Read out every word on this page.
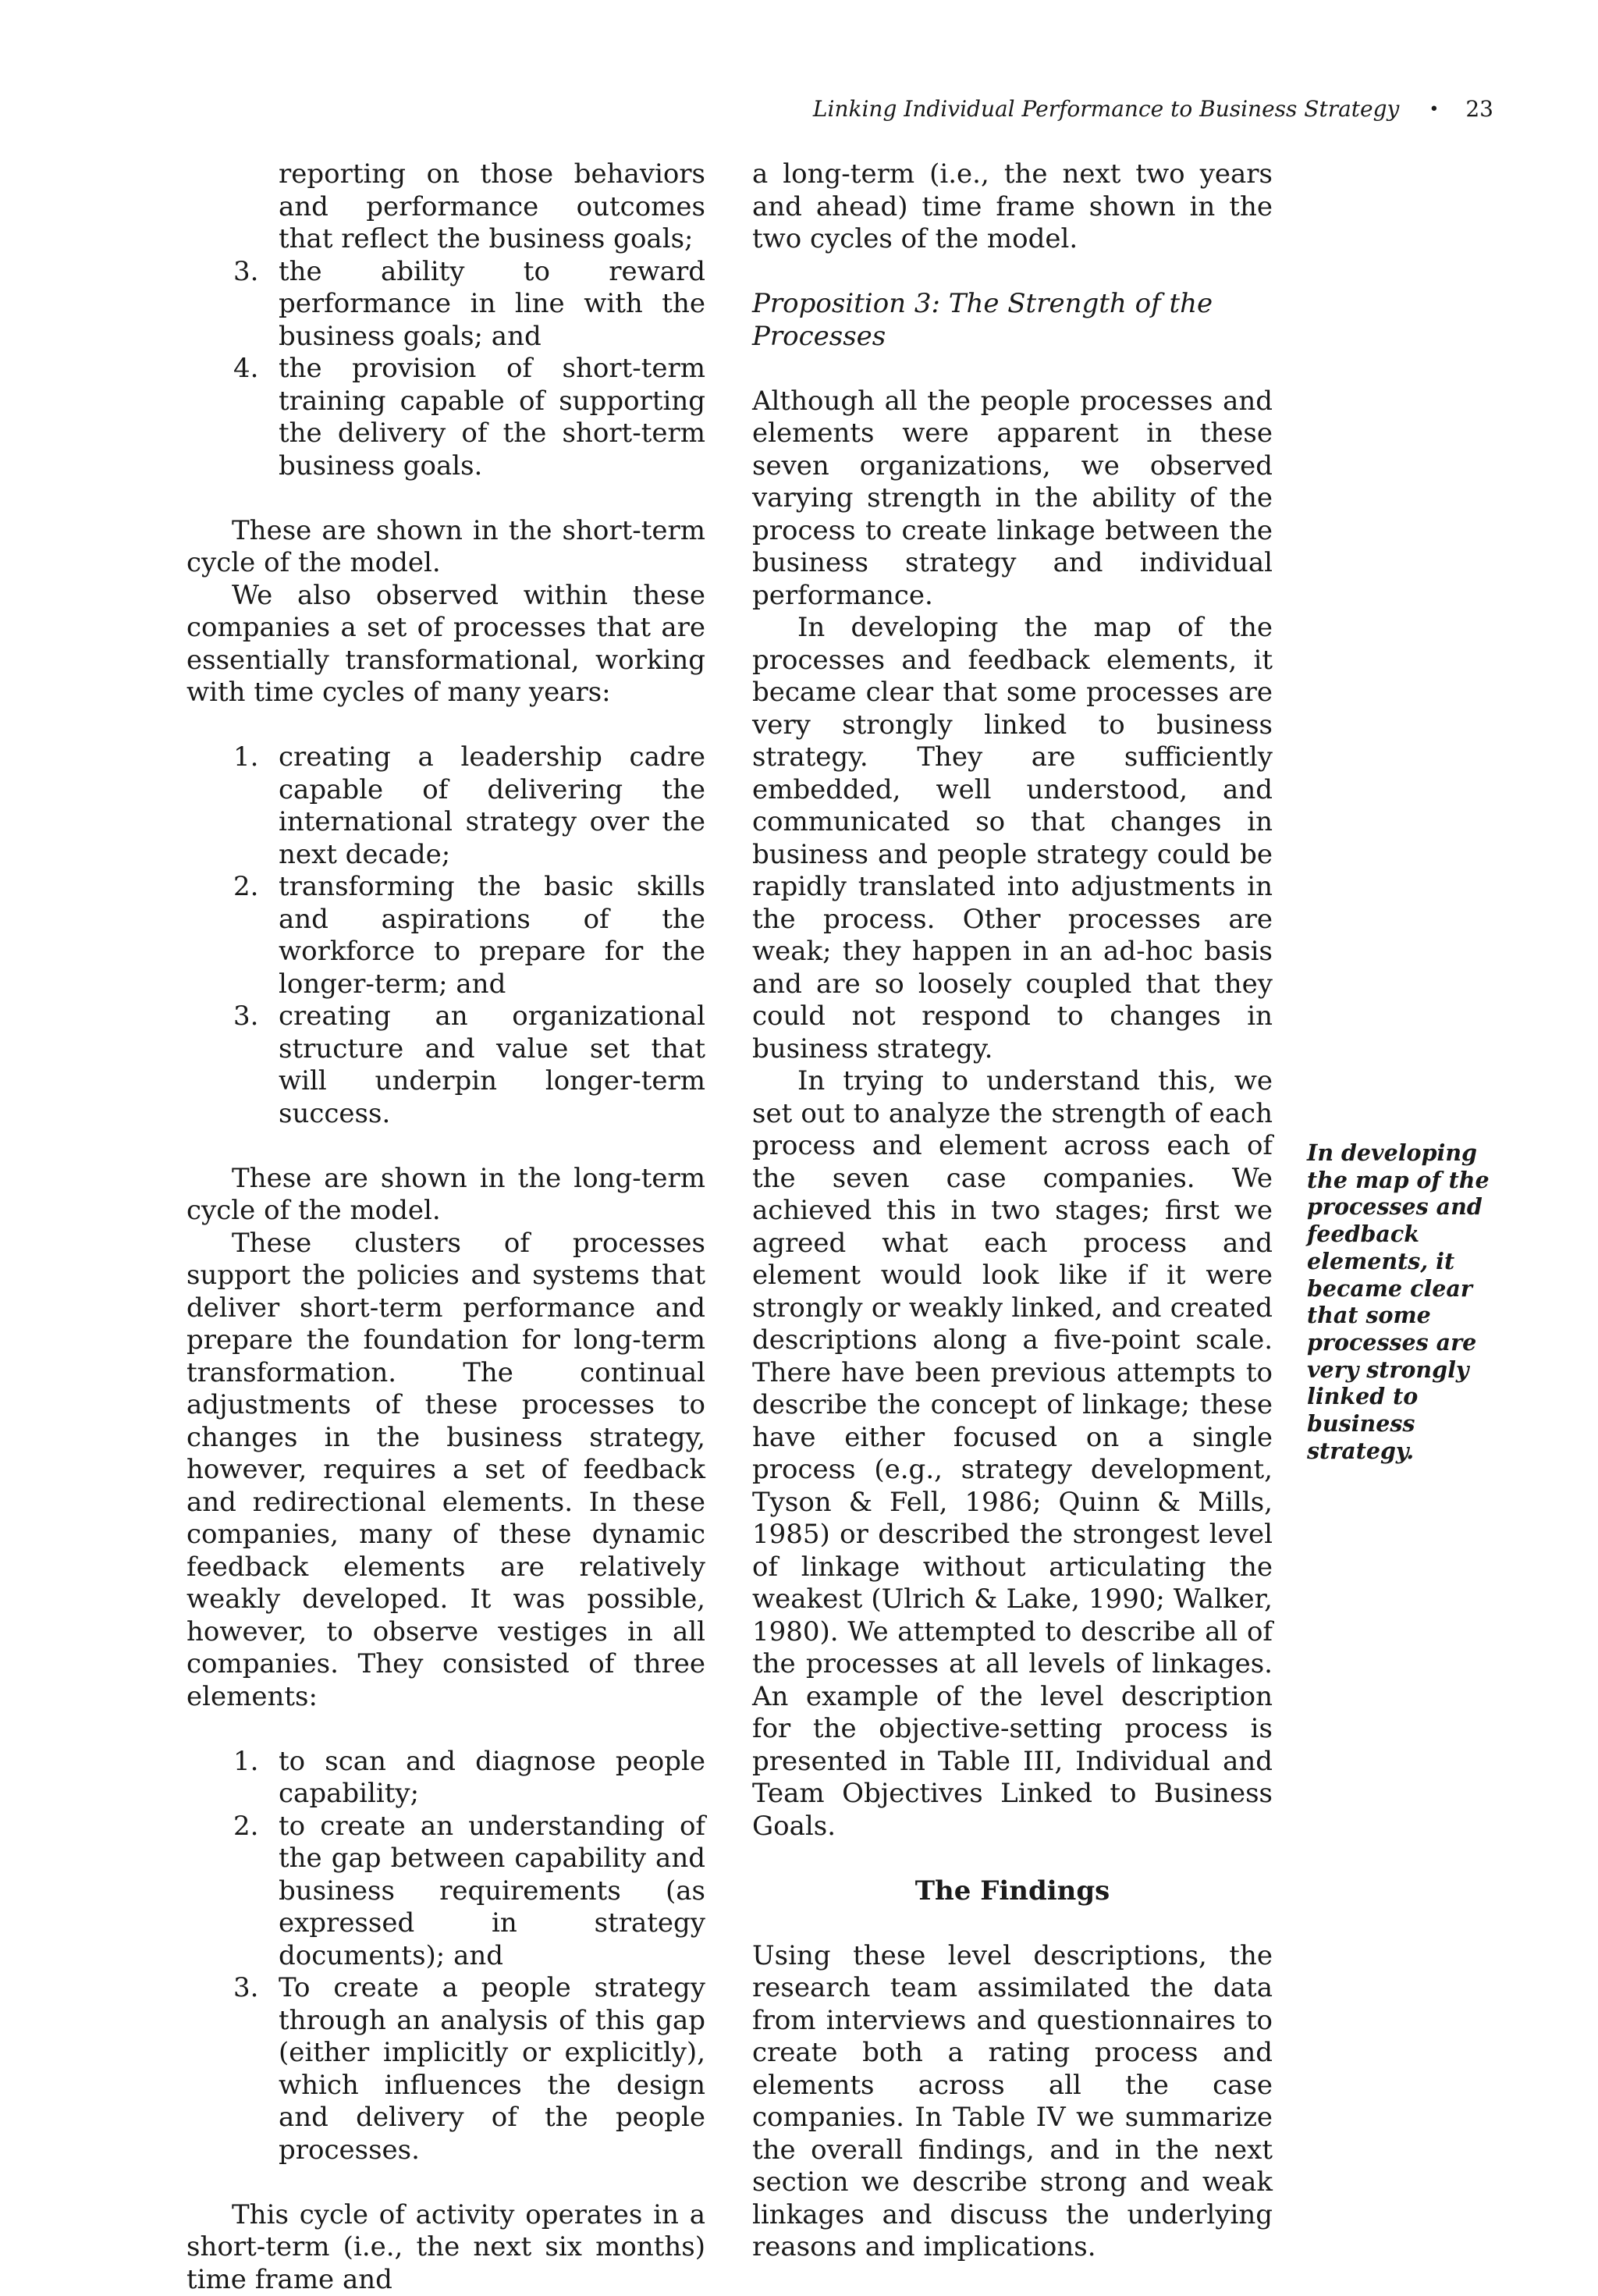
Linking Individual Performance to Business Strategy • 23

reporting on those behaviors and performance outcomes that reflect the business goals;

3. the ability to reward performance in line with the business goals; and
4. the provision of short-term training capable of supporting the delivery of the short-term business goals.

These are shown in the short-term cycle of the model.

We also observed within these companies a set of processes that are essentially transformational, working with time cycles of many years:

1. creating a leadership cadre capable of delivering the international strategy over the next decade;
2. transforming the basic skills and aspirations of the workforce to prepare for the longer-term; and
3. creating an organizational structure and value set that will underpin longer-term success.

These are shown in the long-term cycle of the model.

These clusters of processes support the policies and systems that deliver short-term performance and prepare the foundation for long-term transformation. The continual adjustments of these processes to changes in the business strategy, however, requires a set of feedback and redirectional elements. In these companies, many of these dynamic feedback elements are relatively weakly developed. It was possible, however, to observe vestiges in all companies. They consisted of three elements:

1. to scan and diagnose people capability;
2. to create an understanding of the gap between capability and business requirements (as expressed in strategy documents); and
3. To create a people strategy through an analysis of this gap (either implicitly or explicitly), which influences the design and delivery of the people processes.

This cycle of activity operates in a short-term (i.e., the next six months) time frame and

a long-term (i.e., the next two years and ahead) time frame shown in the two cycles of the model.

Proposition 3: The Strength of the Processes

Although all the people processes and elements were apparent in these seven organizations, we observed varying strength in the ability of the process to create linkage between the business strategy and individual performance.

In developing the map of the processes and feedback elements, it became clear that some processes are very strongly linked to business strategy. They are sufficiently embedded, well understood, and communicated so that changes in business and people strategy could be rapidly translated into adjustments in the process. Other processes are weak; they happen in an ad-hoc basis and are so loosely coupled that they could not respond to changes in business strategy.

In trying to understand this, we set out to analyze the strength of each process and element across each of the seven case companies. We achieved this in two stages; first we agreed what each process and element would look like if it were strongly or weakly linked, and created descriptions along a five-point scale. There have been previous attempts to describe the concept of linkage; these have either focused on a single process (e.g., strategy development, Tyson & Fell, 1986; Quinn & Mills, 1985) or described the strongest level of linkage without articulating the weakest (Ulrich & Lake, 1990; Walker, 1980). We attempted to describe all of the processes at all levels of linkages. An example of the level description for the objective-setting process is presented in Table III, Individual and Team Objectives Linked to Business Goals.

The Findings

Using these level descriptions, the research team assimilated the data from interviews and questionnaires to create both a rating process and elements across all the case companies. In Table IV we summarize the overall findings, and in the next section we describe strong and weak linkages and discuss the underlying reasons and implications.

In developing the map of the processes and feedback elements, it became clear that some processes are very strongly linked to business strategy.
